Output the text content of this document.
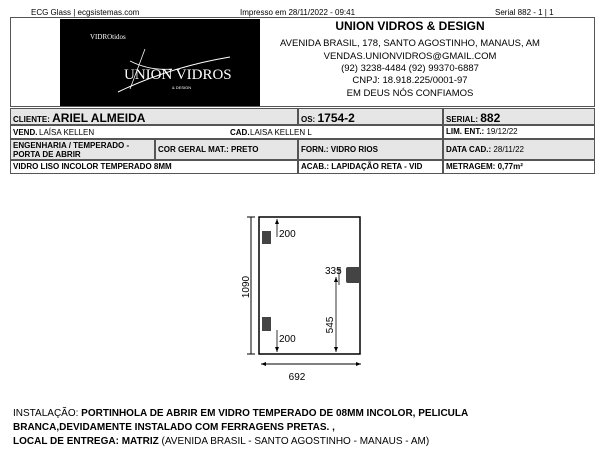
ECG Glass | ecgsistemas.com	Impresso em 28/11/2022 - 09:41	Serial 882 - 1 | 1
VIDROtidos
UNION VIDROS
& DESIGN
UNION VIDROS & DESIGN
AVENIDA BRASIL, 178, SANTO AGOSTINHO, MANAUS, AM
VENDAS.UNIONVIDROS@GMAIL.COM
(92) 3238-4484 (92) 99370-6887
CNPJ: 18.918.225/0001-97
EM DEUS NÓS CONFIAMOS
CLIENTE: ARIEL ALMEIDA	OS: 1754-2	SERIAL: 882
VEND. LAÍSA KELLEN	CAD. LAISA KELLEN L	LIM. ENT.: 19/12/22
ENGENHARIA / TEMPERADO -
PORTA DE ABRIR
COR GERAL MAT.: PRETO	FORN.: VIDRO RIOS	DATA CAD.: 28/11/22
VIDRO LISO INCOLOR TEMPERADO 8MM	ACAB.: LAPIDAÇÃO RETA - VID	METRAGEM: 0,77m²
1090
692
200
200
335
545
INSTALAÇÃO: PORTINHOLA DE ABRIR EM VIDRO TEMPERADO DE 08MM INCOLOR, PELICULA
BRANCA,DEVIDAMENTE INSTALADO COM FERRAGENS PRETAS. ,
LOCAL DE ENTREGA: MATRIZ (AVENIDA BRASIL - SANTO AGOSTINHO - MANAUS - AM)
